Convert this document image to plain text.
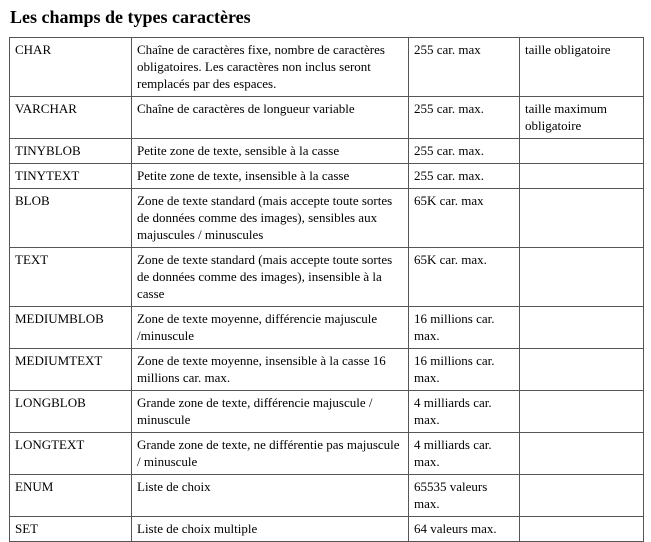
Les champs de types caractères
CHAR	Chaîne de caractères fixe, nombre de caractères obligatoires. Les caractères non inclus seront remplacés par des espaces.	255 car. max	taille obligatoire
VARCHAR	Chaîne de caractères de longueur variable	255 car. max.	taille maximum obligatoire
TINYBLOB	Petite zone de texte, sensible à la casse	255 car. max.	
TINYTEXT	Petite zone de texte, insensible à la casse	255 car. max.	
BLOB	Zone de texte standard (mais accepte toute sortes de données comme des images), sensibles aux majuscules / minuscules	65K car. max	
TEXT	Zone de texte standard (mais accepte toute sortes de données comme des images), insensible à la casse	65K car. max.	
MEDIUMBLOB	Zone de texte moyenne, différencie majuscule /minuscule	16 millions car. max.	
MEDIUMTEXT	Zone de texte moyenne, insensible à la casse 16 millions car. max.	16 millions car. max.	
LONGBLOB	Grande zone de texte, différencie majuscule / minuscule	4 milliards car. max.	
LONGTEXT	Grande zone de texte, ne différentie pas majuscule / minuscule	4 milliards car. max.	
ENUM	Liste de choix	65535 valeurs max.	
SET	Liste de choix multiple	64 valeurs max.	
